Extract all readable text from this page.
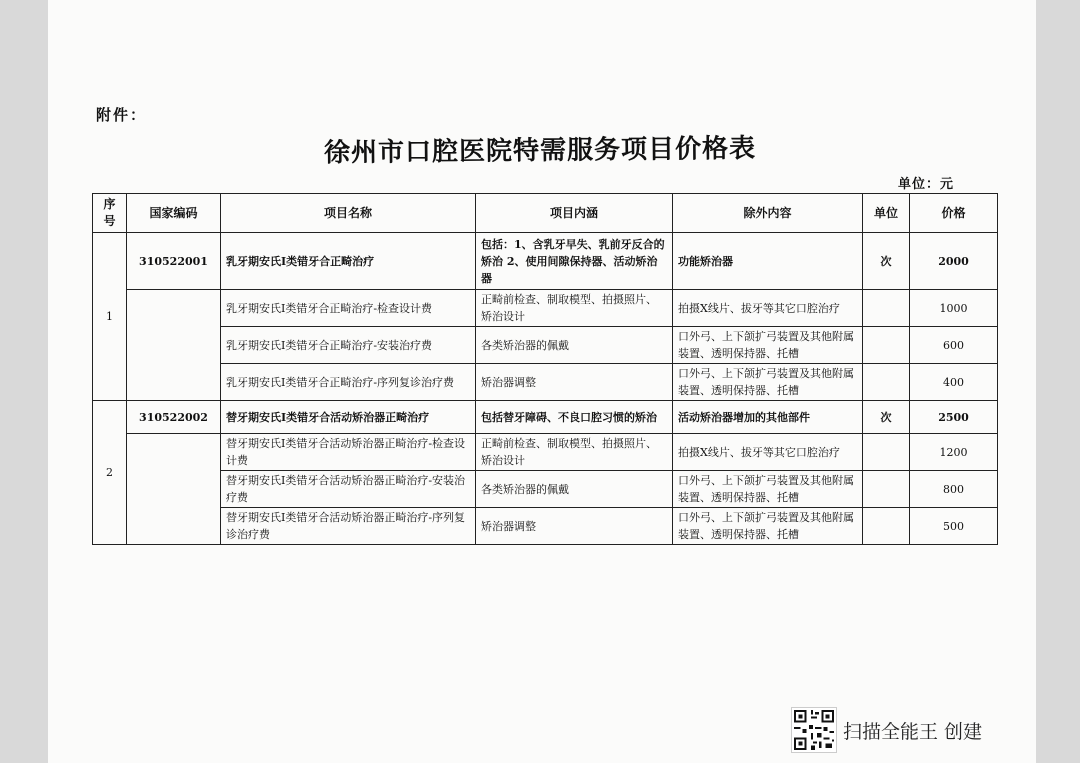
附件：
徐州市口腔医院特需服务项目价格表
单位：元
序号	国家编码	项目名称	项目内涵	除外内容	单位	价格
1	310522001	乳牙期安氏Ⅰ类错牙合正畸治疗	包括：1、含乳牙早失、乳前牙反合的矫治 2、使用间隙保持器、活动矫治器	功能矫治器	次	2000
		乳牙期安氏Ⅰ类错牙合正畸治疗-检查设计费	正畸前检查、制取模型、拍摄照片、矫治设计	拍摄X线片、拔牙等其它口腔治疗		1000
		乳牙期安氏Ⅰ类错牙合正畸治疗-安装治疗费	各类矫治器的佩戴	口外弓、上下颌扩弓装置及其他附属装置、透明保持器、托槽		600
		乳牙期安氏Ⅰ类错牙合正畸治疗-序列复诊治疗费	矫治器调整	口外弓、上下颌扩弓装置及其他附属装置、透明保持器、托槽		400
2	310522002	替牙期安氏Ⅰ类错牙合活动矫治器正畸治疗	包括替牙障碍、不良口腔习惯的矫治	活动矫治器增加的其他部件	次	2500
		替牙期安氏Ⅰ类错牙合活动矫治器正畸治疗-检查设计费	正畸前检查、制取模型、拍摄照片、矫治设计	拍摄X线片、拔牙等其它口腔治疗		1200
		替牙期安氏Ⅰ类错牙合活动矫治器正畸治疗-安装治疗费	各类矫治器的佩戴	口外弓、上下颌扩弓装置及其他附属装置、透明保持器、托槽		800
		替牙期安氏Ⅰ类错牙合活动矫治器正畸治疗-序列复诊治疗费	矫治器调整	口外弓、上下颌扩弓装置及其他附属装置、透明保持器、托槽		500
扫描全能王 创建
